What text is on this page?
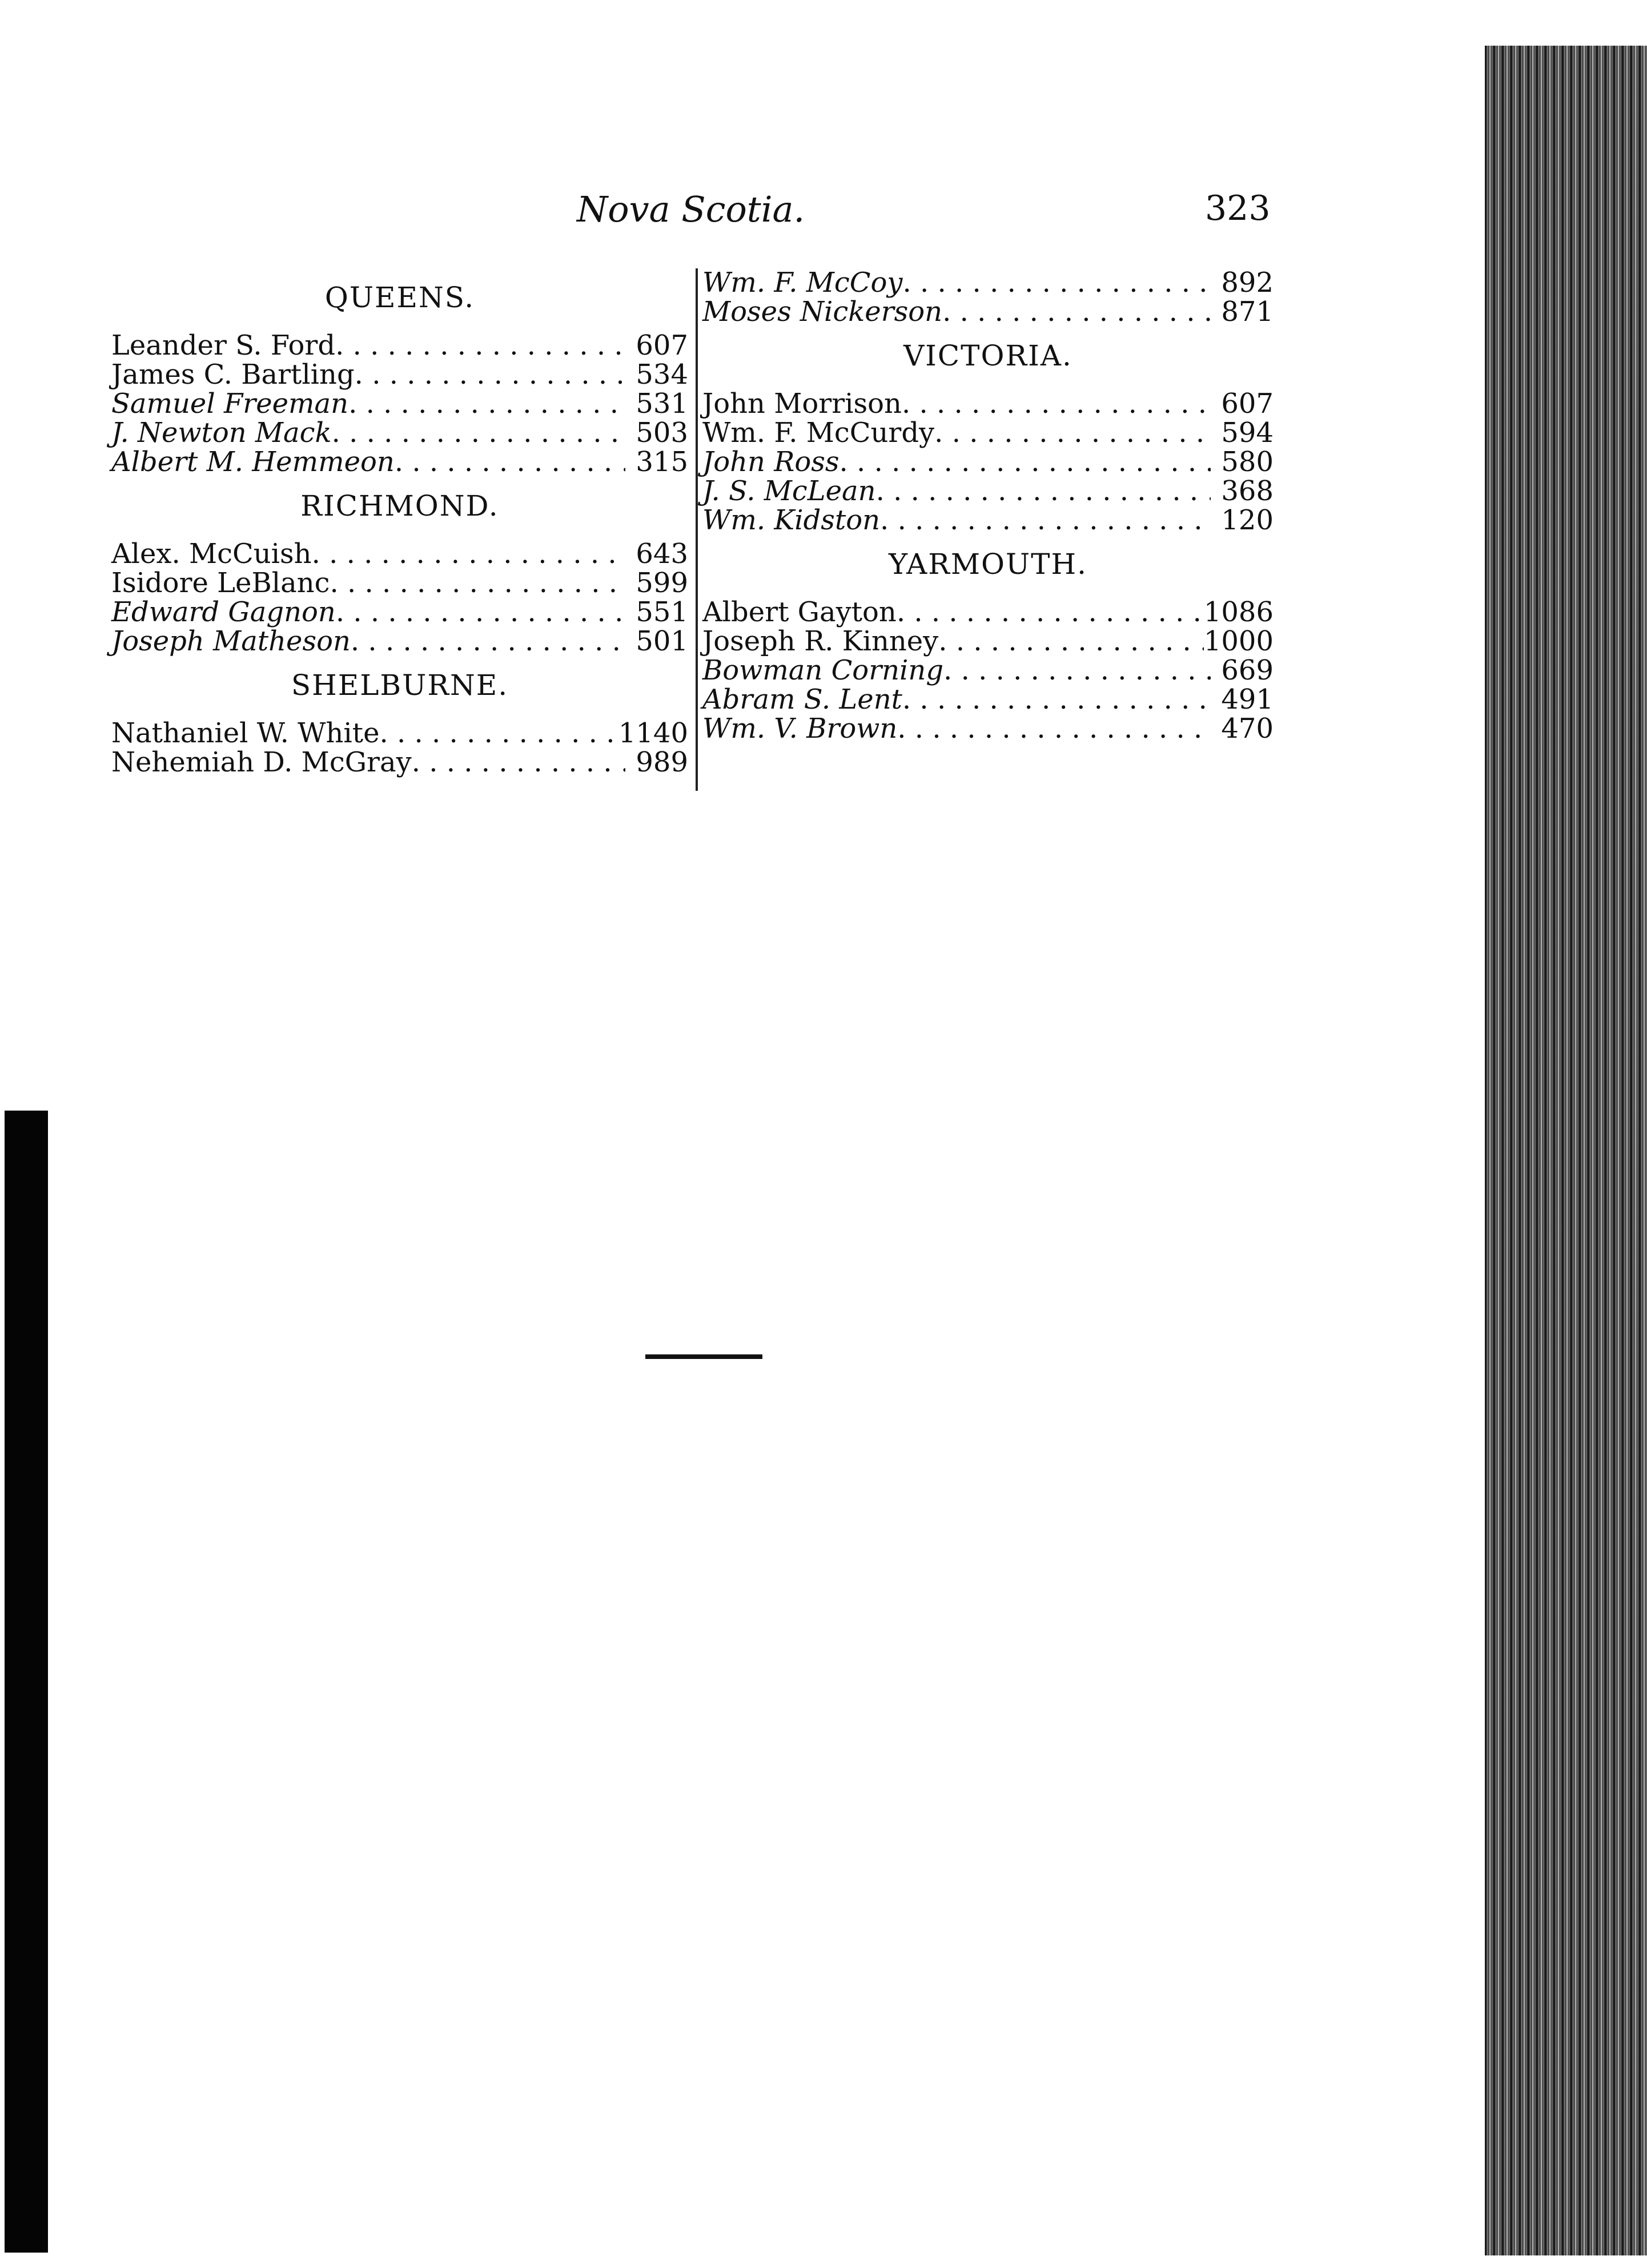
Nova Scotia.	323
QUEENS.
Leander S. Ford . . .	607
James C. Bartling . . .	534
Samuel Freeman . . .	531
J. Newton Mack . . .	503
Albert M. Hemmeon . . .	315
RICHMOND.
Alex. McCuish . . .	643
Isidore LeBlanc . . .	599
Edward Gagnon . . .	551
Joseph Matheson . . .	501
SHELBURNE.
Nathaniel W. White . . .	1140
Nehemiah D. McGray . . .	989
Wm. F. McCoy . . .	892
Moses Nickerson . . .	871
VICTORIA.
John Morrison . . .	607
Wm. F. McCurdy . . .	594
John Ross . . .	580
J. S. McLean . . .	368
Wm. Kidston . . .	120
YARMOUTH.
Albert Gayton . . .	1086
Joseph R. Kinney . . .	1000
Bowman Corning . . .	669
Abram S. Lent . . .	491
Wm. V. Brown . . .	470
